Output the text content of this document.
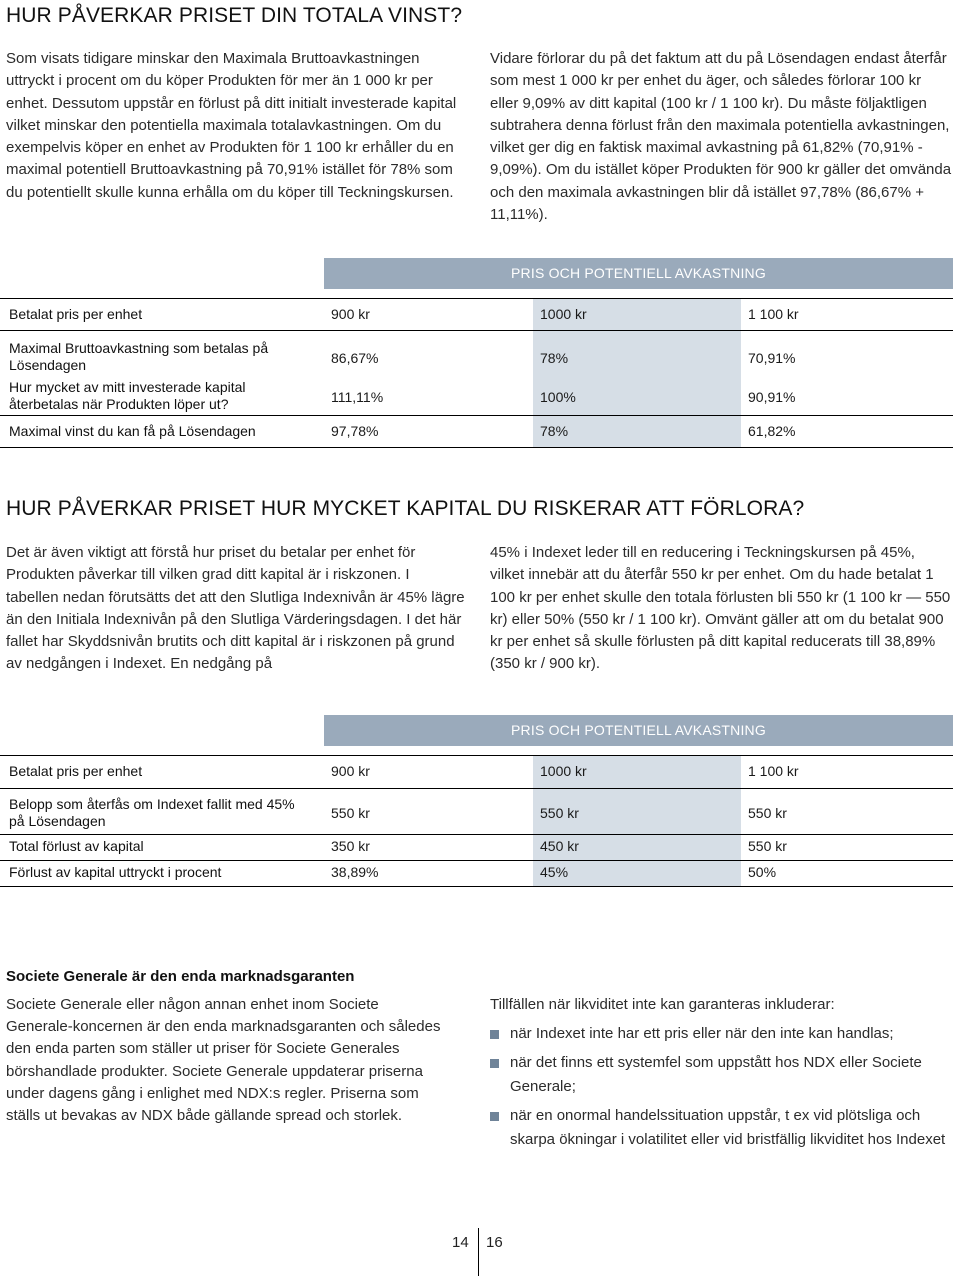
HUR PÅVERKAR PRISET DIN TOTALA VINST?

Som visats tidigare minskar den Maximala Bruttoavkastningen uttryckt i procent om du köper Produkten för mer än 1 000 kr per enhet. Dessutom uppstår en förlust på ditt initialt investerade kapital vilket minskar den potentiella maximala totalavkastningen. Om du exempelvis köper en enhet av Produkten för 1 100 kr erhåller du en maximal potentiell Bruttoavkastning på 70,91% istället för 78% som du potentiellt skulle kunna erhålla om du köper till Teckningskursen.

Vidare förlorar du på det faktum att du på Lösendagen endast återfår som mest 1 000 kr per enhet du äger, och således förlorar 100 kr eller 9,09% av ditt kapital (100 kr / 1 100 kr). Du måste följaktligen subtrahera denna förlust från den maximala potentiella avkastningen, vilket ger dig en faktisk maximal avkastning på 61,82% (70,91% - 9,09%). Om du istället köper Produkten för 900 kr gäller det omvända och den maximala avkastningen blir då istället 97,78% (86,67% + 11,11%).

PRIS OCH POTENTIELL AVKASTNING
Betalat pris per enhet	900 kr	1000 kr	1 100 kr
Maximal Bruttoavkastning som betalas på Lösendagen	86,67%	78%	70,91%
Hur mycket av mitt investerade kapital återbetalas när Produkten löper ut?	111,11%	100%	90,91%
Maximal vinst du kan få på Lösendagen	97,78%	78%	61,82%
HUR PÅVERKAR PRISET HUR MYCKET KAPITAL DU RISKERAR ATT FÖRLORA?

Det är även viktigt att förstå hur priset du betalar per enhet för Produkten påverkar till vilken grad ditt kapital är i riskzonen. I tabellen nedan förutsätts det att den Slutliga Indexnivån är 45% lägre än den Initiala Indexnivån på den Slutliga Värderingsdagen. I det här fallet har Skyddsnivån brutits och ditt kapital är i riskzonen på grund av nedgången i Indexet. En nedgång på

45% i Indexet leder till en reducering i Teckningskursen på 45%, vilket innebär att du återfår 550 kr per enhet. Om du hade betalat 1 100 kr per enhet skulle den totala förlusten bli 550 kr (1 100 kr — 550 kr) eller 50% (550 kr / 1 100 kr). Omvänt gäller att om du betalat 900 kr per enhet så skulle förlusten på ditt kapital reducerats till 38,89% (350 kr / 900 kr).

PRIS OCH POTENTIELL AVKASTNING
Betalat pris per enhet	900 kr	1000 kr	1 100 kr
Belopp som återfås om Indexet fallit med 45% på Lösendagen	550 kr	550 kr	550 kr
Total förlust av kapital	350 kr	450 kr	550 kr
Förlust av kapital uttryckt i procent	38,89%	45%	50%
Societe Generale är den enda marknadsgaranten

Societe Generale eller någon annan enhet inom Societe Generale-koncernen är den enda marknadsgaranten och således den enda parten som ställer ut priser för Societe Generales börshandlade produkter. Societe Generale uppdaterar priserna under dagens gång i enlighet med NDX:s regler. Priserna som ställs ut bevakas av NDX både gällande spread och storlek.

Tillfällen när likviditet inte kan garanteras inkluderar:

när Indexet inte har ett pris eller när den inte kan handlas;
när det finns ett systemfel som uppstått hos NDX eller Societe Generale;
när en onormal handelssituation uppstår, t ex vid plötsliga och skarpa ökningar i volatilitet eller vid bristfällig likviditet hos Indexet
14 16
